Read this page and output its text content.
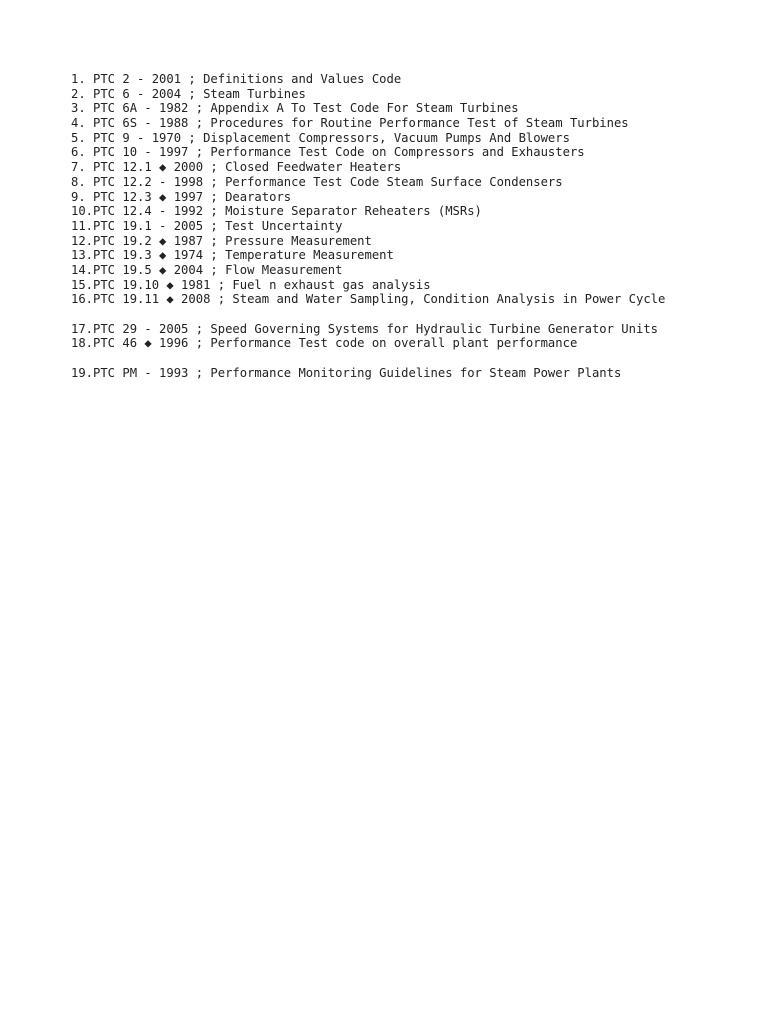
1. PTC 2 - 2001 ; Definitions and Values Code
2. PTC 6 - 2004 ; Steam Turbines
3. PTC 6A - 1982 ; Appendix A To Test Code For Steam Turbines
4. PTC 6S - 1988 ; Procedures for Routine Performance Test of Steam Turbines
5. PTC 9 - 1970 ; Displacement Compressors, Vacuum Pumps And Blowers
6. PTC 10 - 1997 ; Performance Test Code on Compressors and Exhausters
7. PTC 12.1 ◆ 2000 ; Closed Feedwater Heaters
8. PTC 12.2 - 1998 ; Performance Test Code Steam Surface Condensers
9. PTC 12.3 ◆ 1997 ; Dearators
10.PTC 12.4 - 1992 ; Moisture Separator Reheaters (MSRs)
11.PTC 19.1 - 2005 ; Test Uncertainty
12.PTC 19.2 ◆ 1987 ; Pressure Measurement
13.PTC 19.3 ◆ 1974 ; Temperature Measurement
14.PTC 19.5 ◆ 2004 ; Flow Measurement
15.PTC 19.10 ◆ 1981 ; Fuel n exhaust gas analysis
16.PTC 19.11 ◆ 2008 ; Steam and Water Sampling, Condition Analysis in Power Cycle
17.PTC 29 - 2005 ; Speed Governing Systems for Hydraulic Turbine Generator Units
18.PTC 46 ◆ 1996 ; Performance Test code on overall plant performance
19.PTC PM - 1993 ; Performance Monitoring Guidelines for Steam Power Plants
